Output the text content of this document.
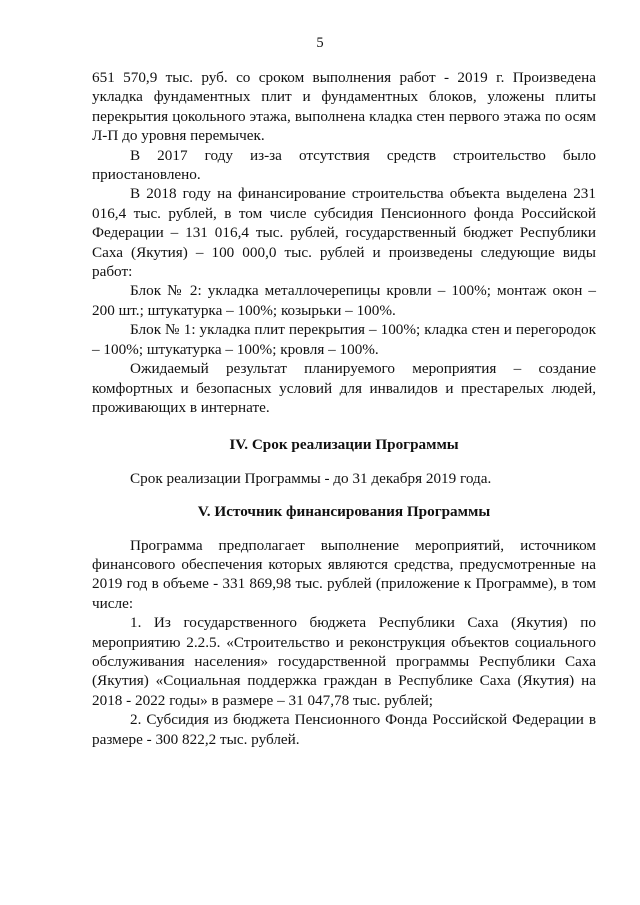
5

651 570,9 тыс. руб. со сроком выполнения работ - 2019 г. Произведена укладка фундаментных плит и фундаментных блоков, уложены плиты перекрытия цокольного этажа, выполнена кладка стен первого этажа по осям Л-П до уровня перемычек.

В 2017 году из-за отсутствия средств строительство было приостановлено.

В 2018 году на финансирование строительства объекта выделена 231 016,4 тыс. рублей, в том числе субсидия Пенсионного фонда Российской Федерации – 131 016,4 тыс. рублей, государственный бюджет Республики Саха (Якутия) – 100 000,0 тыс. рублей и произведены следующие виды работ:

Блок № 2: укладка металлочерепицы кровли – 100%; монтаж окон – 200 шт.; штукатурка – 100%; козырьки – 100%.

Блок № 1: укладка плит перекрытия – 100%; кладка стен и перегородок – 100%; штукатурка – 100%; кровля – 100%.

Ожидаемый результат планируемого мероприятия – создание комфортных и безопасных условий для инвалидов и престарелых людей, проживающих в интернате.

IV. Срок реализации Программы

Срок реализации Программы - до 31 декабря 2019 года.

V. Источник финансирования Программы

Программа предполагает выполнение мероприятий, источником финансового обеспечения которых являются средства, предусмотренные на 2019 год в объеме - 331 869,98 тыс. рублей (приложение к Программе), в том числе:

1. Из государственного бюджета Республики Саха (Якутия) по мероприятию 2.2.5. «Строительство и реконструкция объектов социального обслуживания населения» государственной программы Республики Саха (Якутия) «Социальная поддержка граждан в Республике Саха (Якутия) на 2018 - 2022 годы» в размере – 31 047,78 тыс. рублей;

2. Субсидия из бюджета Пенсионного Фонда Российской Федерации в размере - 300 822,2 тыс. рублей.
